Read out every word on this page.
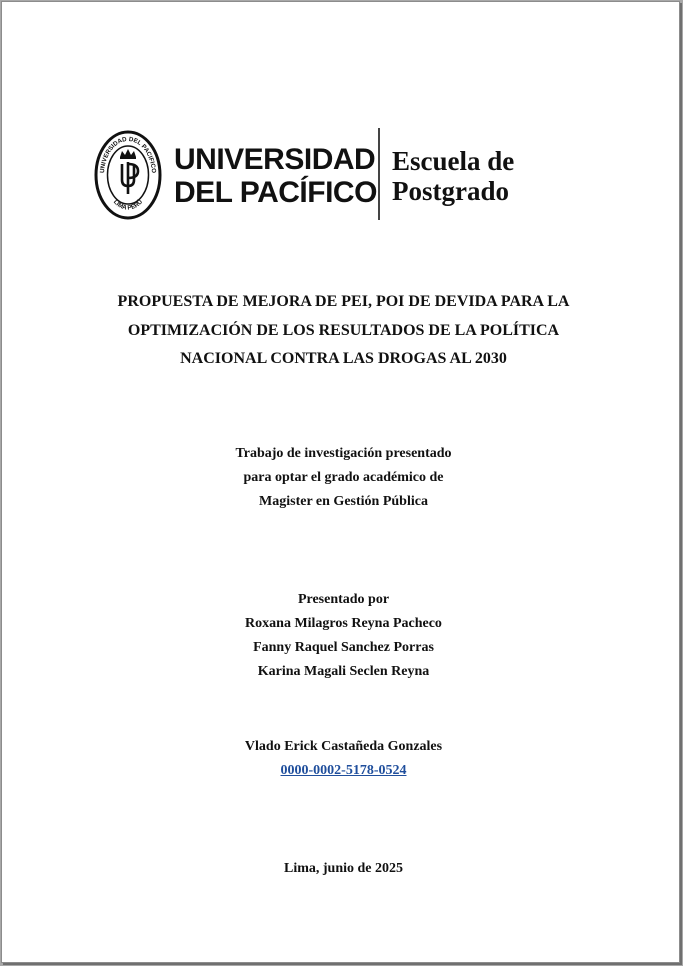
UNIVERSIDAD DEL PACIFICO
LIMA PERÚ
UNIVERSIDAD
DEL PACÍFICO
Escuela de
Postgrado
PROPUESTA DE MEJORA DE PEI, POI DE DEVIDA PARA LA
OPTIMIZACIÓN DE LOS RESULTADOS DE LA POLÍTICA
NACIONAL CONTRA LAS DROGAS AL 2030
Trabajo de investigación presentado
para optar el grado académico de
Magister en Gestión Pública
Presentado por
Roxana Milagros Reyna Pacheco
Fanny Raquel Sanchez Porras
Karina Magali Seclen Reyna
Vlado Erick Castañeda Gonzales
0000-0002-5178-0524
Lima, junio de 2025
